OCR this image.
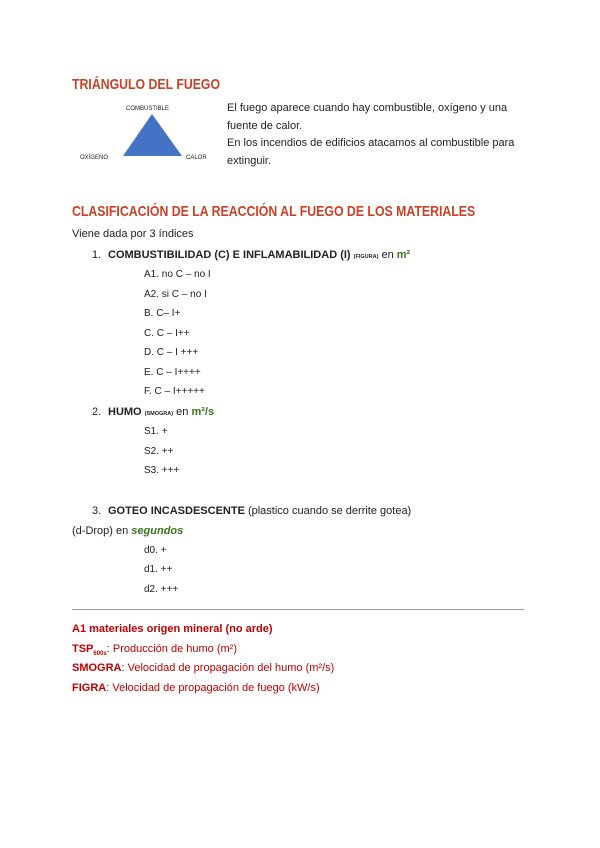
TRIÁNGULO DEL FUEGO
COMBUSTIBLE
OXÍGENO	CALOR
El fuego aparece cuando hay combustible, oxígeno y una fuente de calor.
En los incendios de edificios atacamos al combustible para extinguir.
CLASIFICACIÓN DE LA REACCIÓN AL FUEGO DE LOS MATERIALES
Viene dada por 3 índices
1. COMBUSTIBILIDAD (C) E INFLAMABILIDAD (I) (FIGURA) en m²
A1. no C – no I
A2. si C – no I
B. C– I+
C. C – I++
D. C – I +++
E. C – I++++
F. C – I+++++
2. HUMO (SMOGRA) en m²/s
S1. +
S2. ++
S3. +++
3. GOTEO INCASDESCENTE (plastico cuando se derrite gotea)
(d-Drop) en segundos
d0. +
d1. ++
d2. +++
A1 materiales origen mineral (no arde)
$TSP_{600s}$: Producción de humo (m²)
SMOGRA: Velocidad de propagación del humo (m²/s)
FIGRA: Velocidad de propagación de fuego (kW/s)
